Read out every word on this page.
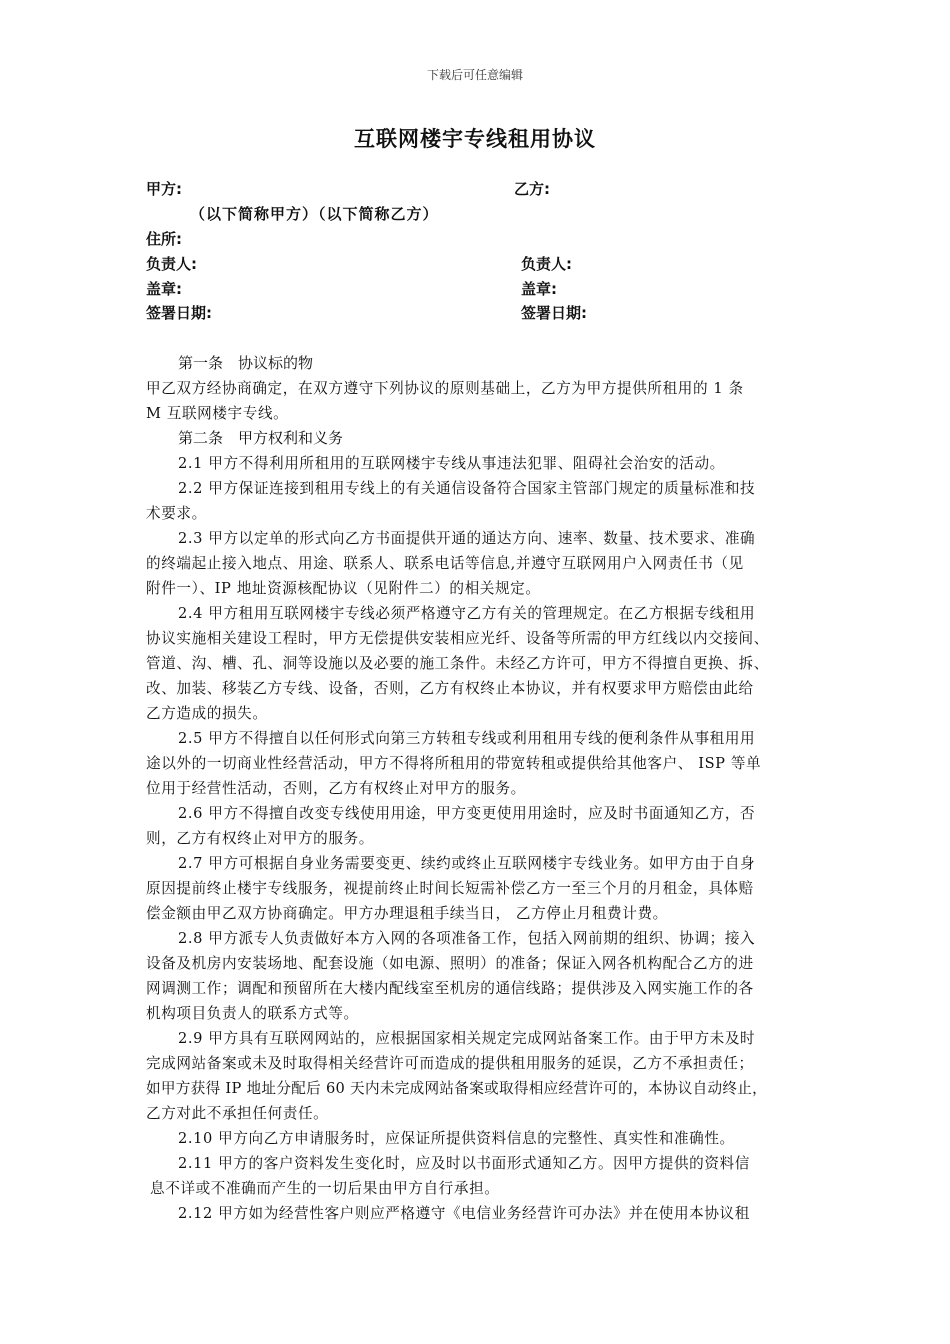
下载后可任意编辑
互联网楼宇专线租用协议
甲方:	乙方:
（以下简称甲方）（以下简称乙方）
住所:
负责人:	负责人:
盖章:	盖章:
签署日期:	签署日期:
第一条　协议标的物
甲乙双方经协商确定，在双方遵守下列协议的原则基础上，乙方为甲方提供所租用的 1 条
M 互联网楼宇专线。
第二条　甲方权利和义务
2.1 甲方不得利用所租用的互联网楼宇专线从事违法犯罪、阻碍社会治安的活动。
2.2 甲方保证连接到租用专线上的有关通信设备符合国家主管部门规定的质量标准和技
术要求。
2.3 甲方以定单的形式向乙方书面提供开通的通达方向、速率、数量、技术要求、准确
的终端起止接入地点、用途、联系人、联系电话等信息,并遵守互联网用户入网责任书（见
附件一）、IP 地址资源核配协议（见附件二）的相关规定。
2.4 甲方租用互联网楼宇专线必须严格遵守乙方有关的管理规定。在乙方根据专线租用
协议实施相关建设工程时，甲方无偿提供安装相应光纤、设备等所需的甲方红线以内交接间、
管道、沟、槽、孔、洞等设施以及必要的施工条件。未经乙方许可，甲方不得擅自更换、拆、
改、加装、移装乙方专线、设备，否则，乙方有权终止本协议，并有权要求甲方赔偿由此给
乙方造成的损失。
2.5 甲方不得擅自以任何形式向第三方转租专线或利用租用专线的便利条件从事租用用
途以外的一切商业性经营活动，甲方不得将所租用的带宽转租或提供给其他客户、 ISP 等单
位用于经营性活动，否则，乙方有权终止对甲方的服务。
2.6 甲方不得擅自改变专线使用用途，甲方变更使用用途时，应及时书面通知乙方，否
则，乙方有权终止对甲方的服务。
2.7 甲方可根据自身业务需要变更、续约或终止互联网楼宇专线业务。如甲方由于自身
原因提前终止楼宇专线服务，视提前终止时间长短需补偿乙方一至三个月的月租金，具体赔
偿金额由甲乙双方协商确定。甲方办理退租手续当日， 乙方停止月租费计费。
2.8 甲方派专人负责做好本方入网的各项准备工作，包括入网前期的组织、协调；接入
设备及机房内安装场地、配套设施（如电源、照明）的准备；保证入网各机构配合乙方的进
网调测工作；调配和预留所在大楼内配线室至机房的通信线路；提供涉及入网实施工作的各
机构项目负责人的联系方式等。
2.9 甲方具有互联网网站的，应根据国家相关规定完成网站备案工作。由于甲方未及时
完成网站备案或未及时取得相关经营许可而造成的提供租用服务的延误，乙方不承担责任；
如甲方获得 IP 地址分配后 60 天内未完成网站备案或取得相应经营许可的，本协议自动终止，
乙方对此不承担任何责任。
2.10 甲方向乙方申请服务时，应保证所提供资料信息的完整性、真实性和准确性。
2.11 甲方的客户资料发生变化时，应及时以书面形式通知乙方。因甲方提供的资料信
息不详或不准确而产生的一切后果由甲方自行承担。
2.12 甲方如为经营性客户则应严格遵守《电信业务经营许可办法》并在使用本协议租
